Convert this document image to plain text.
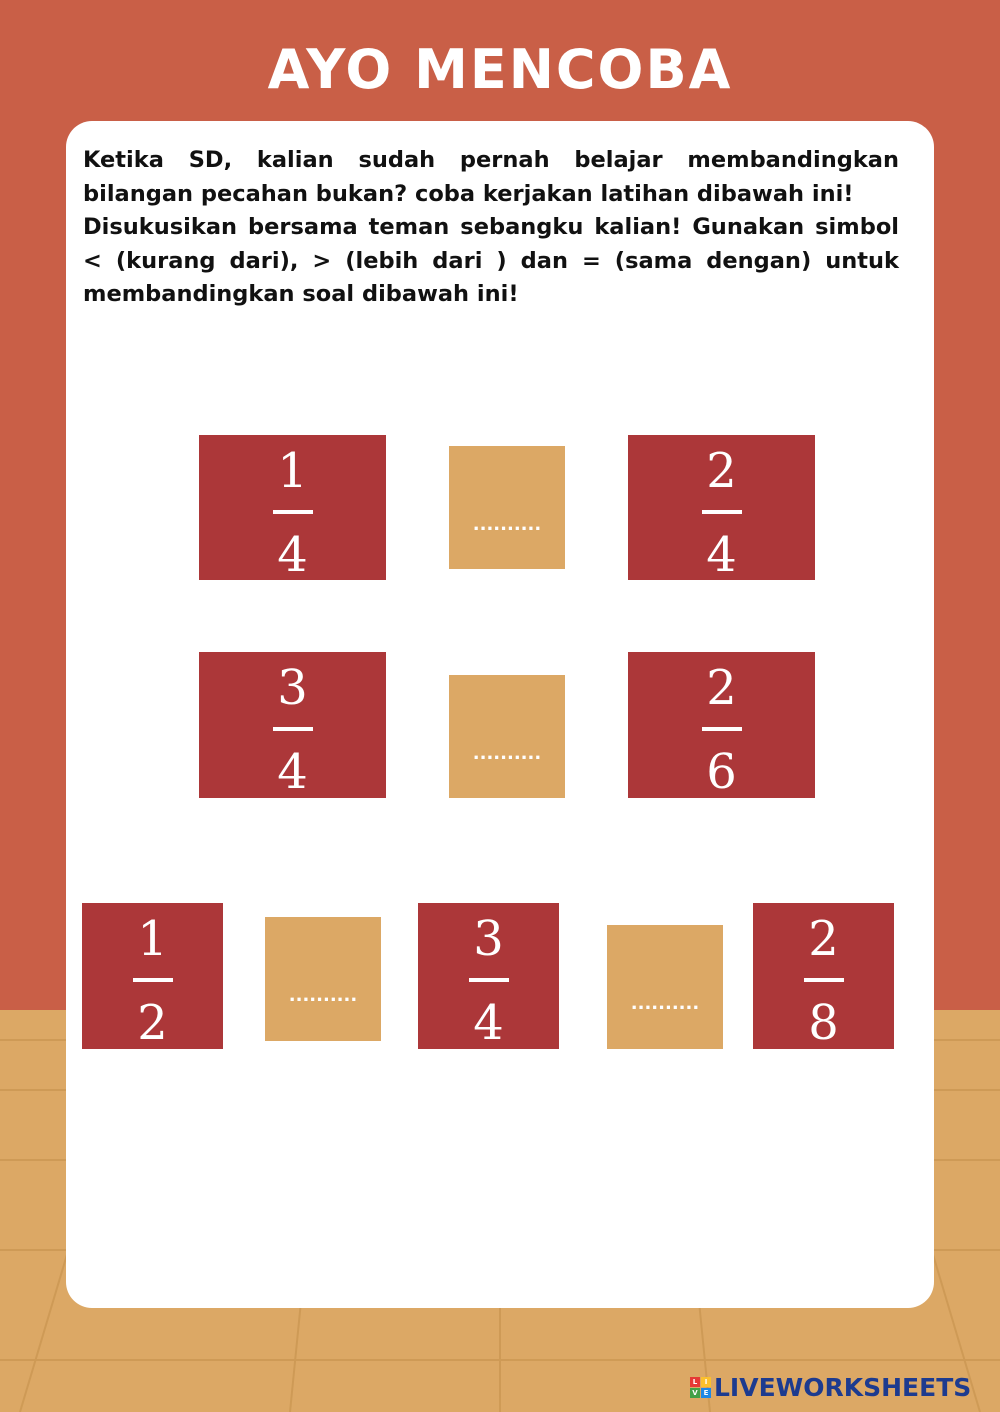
AYO MENCOBA

Ketika SD, kalian sudah pernah belajar membandingkan bilangan pecahan bukan? coba kerjakan latihan dibawah ini!

Disukusikan bersama teman sebangku kalian! Gunakan simbol < (kurang dari), > (lebih dari ) dan = (sama dengan) untuk membandingkan soal dibawah ini!

1
4
..........
2
4
3
4	..........
2
6
1
2	..........
3
4	..........
2
8
L	I
V E LIVEWORKSHEETS
